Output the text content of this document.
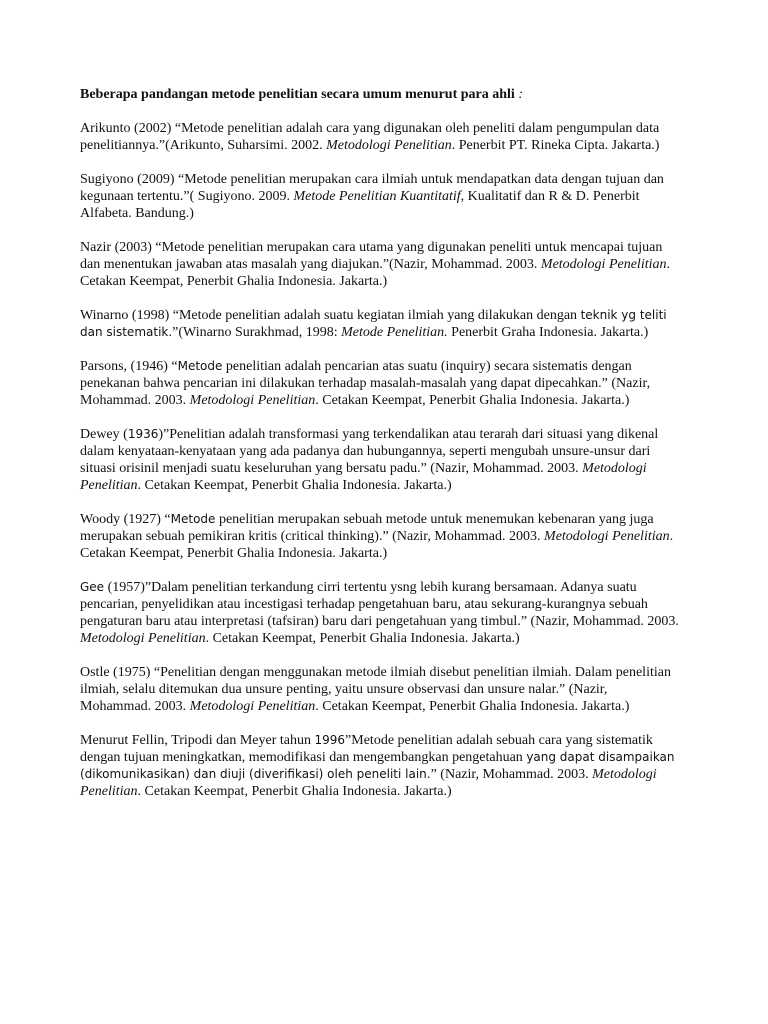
Beberapa pandangan metode penelitian secara umum menurut para ahli :

Arikunto (2002) “Metode penelitian adalah cara yang digunakan oleh peneliti dalam pengumpulan data penelitiannya.”(Arikunto, Suharsimi. 2002. Metodologi Penelitian. Penerbit PT. Rineka Cipta. Jakarta.)

Sugiyono (2009) “Metode penelitian merupakan cara ilmiah untuk mendapatkan data dengan tujuan dan kegunaan tertentu.”( Sugiyono. 2009. Metode Penelitian Kuantitatif, Kualitatif dan R & D. Penerbit Alfabeta. Bandung.)

Nazir (2003) “Metode penelitian merupakan cara utama yang digunakan peneliti untuk mencapai tujuan dan menentukan jawaban atas masalah yang diajukan.”(Nazir, Mohammad. 2003. Metodologi Penelitian. Cetakan Keempat, Penerbit Ghalia Indonesia. Jakarta.)

Winarno (1998) “Metode penelitian adalah suatu kegiatan ilmiah yang dilakukan dengan teknik yg teliti dan sistematik.”(Winarno Surakhmad, 1998: Metode Penelitian. Penerbit Graha Indonesia. Jakarta.)

Parsons, (1946) “Metode penelitian adalah pencarian atas suatu (inquiry) secara sistematis dengan penekanan bahwa pencarian ini dilakukan terhadap masalah-masalah yang dapat dipecahkan.” (Nazir, Mohammad. 2003. Metodologi Penelitian. Cetakan Keempat, Penerbit Ghalia Indonesia. Jakarta.)

Dewey (1936)”Penelitian adalah transformasi yang terkendalikan atau terarah dari situasi yang dikenal dalam kenyataan-kenyataan yang ada padanya dan hubungannya, seperti mengubah unsure-unsur dari situasi orisinil menjadi suatu keseluruhan yang bersatu padu.” (Nazir, Mohammad. 2003. Metodologi Penelitian. Cetakan Keempat, Penerbit Ghalia Indonesia. Jakarta.)

Woody (1927) “Metode penelitian merupakan sebuah metode untuk menemukan kebenaran yang juga merupakan sebuah pemikiran kritis (critical thinking).” (Nazir, Mohammad. 2003. Metodologi Penelitian. Cetakan Keempat, Penerbit Ghalia Indonesia. Jakarta.)

Gee (1957)”Dalam penelitian terkandung cirri tertentu ysng lebih kurang bersamaan. Adanya suatu pencarian, penyelidikan atau incestigasi terhadap pengetahuan baru, atau sekurang-kurangnya sebuah pengaturan baru atau interpretasi (tafsiran) baru dari pengetahuan yang timbul.” (Nazir, Mohammad. 2003. Metodologi Penelitian. Cetakan Keempat, Penerbit Ghalia Indonesia. Jakarta.)

Ostle (1975) “Penelitian dengan menggunakan metode ilmiah disebut penelitian ilmiah. Dalam penelitian ilmiah, selalu ditemukan dua unsure penting, yaitu unsure observasi dan unsure nalar.” (Nazir, Mohammad. 2003. Metodologi Penelitian. Cetakan Keempat, Penerbit Ghalia Indonesia. Jakarta.)

Menurut Fellin, Tripodi dan Meyer tahun 1996”Metode penelitian adalah sebuah cara yang sistematik dengan tujuan meningkatkan, memodifikasi dan mengembangkan pengetahuan yang dapat disampaikan (dikomunikasikan) dan diuji (diverifikasi) oleh peneliti lain.” (Nazir, Mohammad. 2003. Metodologi Penelitian. Cetakan Keempat, Penerbit Ghalia Indonesia. Jakarta.)
